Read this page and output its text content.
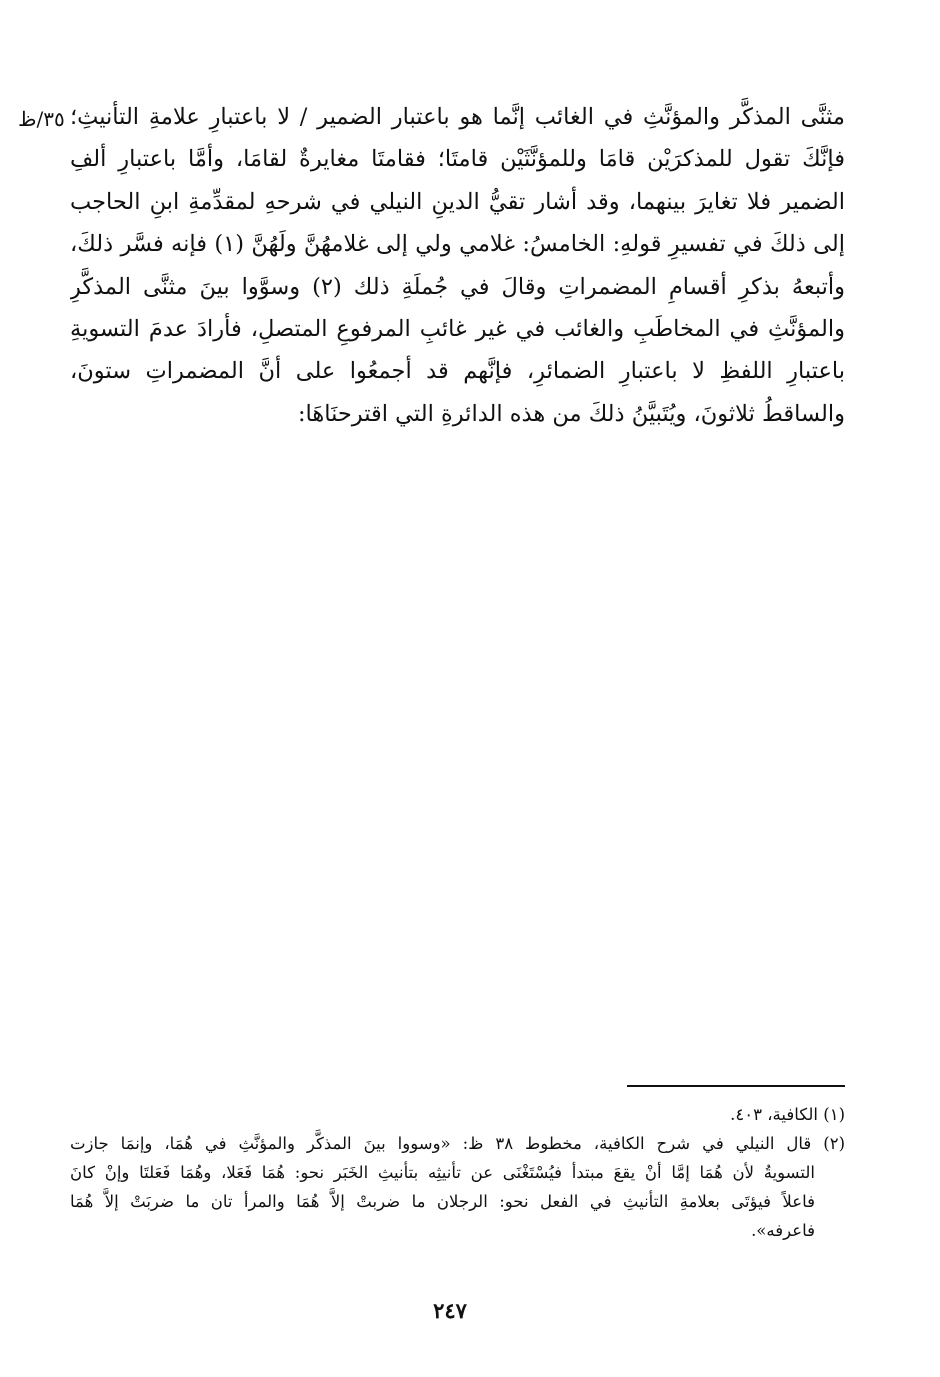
٣٥/ظ مثنَّى المذكَّر والمؤنَّثِ في الغائب إنَّما هو باعتبار الضمير / لا باعتبارِ علامةِ التأنيثِ؛
فإنَّكَ تقول للمذكرَيْن قامَا وللمؤنَّثَيْن قامتَا؛ فقامتَا مغايرةٌ لقامَا، وأمَّا باعتبارِ ألفِ
الضمير فلا تغايرَ بينهما، وقد أشار تقيُّ الدينِ النيلي في شرحهِ لمقدِّمةِ ابنِ الحاجب
إلى ذلكَ في تفسيرِ قولهِ: الخامسُ: غلامي ولي إلى غلامهُنَّ ولَهُنَّ (١) فإنه فسَّر ذلكَ،
وأتبعهُ بذكرِ أقسامِ المضمراتِ وقالَ في جُملَةِ ذلك (٢) وسوَّوا بينَ مثنَّى المذكَّرِ
والمؤنَّثِ في المخاطَبِ والغائب في غير غائبِ المرفوعِ المتصلِ، فأرادَ عدمَ التسويةِ
باعتبارِ اللفظِ لا باعتبارِ الضمائرِ، فإنَّهم قد أجمعُوا على أنَّ المضمراتِ ستونَ،
والساقطُ ثلاثونَ، ويُتَبيَّنُ ذلكَ من هذه الدائرةِ التي اقترحنَاهَا:
(١) الكافية، ٤٠٣.
(٢) قال النيلي في شرح الكافية، مخطوط ٣٨ ظ: «وسووا بينَ المذكَّر والمؤنَّثِ في هُمَا، وإنمَا جازت
التسويةُ لأن هُمَا إمَّا أنْ يقعَ مبتدأ فيُسْتَغْنَى عن تأنيثِه بتأنيثِ الخَبَر نحو: هُمَا فَعَلا، وهُمَا فَعَلتَا وإنْ كانَ
فاعلاً فيؤتَى بعلامةِ التأنيثِ في الفعل نحو: الرجلان ما ضربتْ إلاَّ هُمَا والمرأ تان ما ضربَتْ إلاَّ هُمَا
فاعرفه».
٢٤٧
